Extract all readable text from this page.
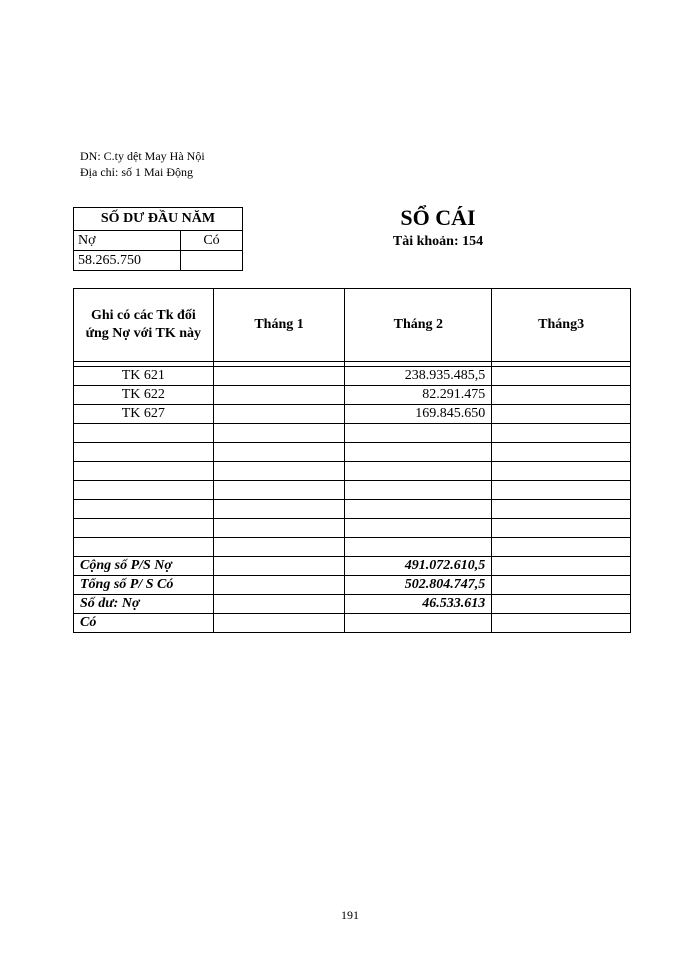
DN: C.ty dệt May Hà Nội
Địa chỉ: số 1 Mai Động
SỐ DƯ ĐẦU NĂM	
Nợ	Có
58.265.750	
SỔ CÁI
Tài khoản: 154
Ghi có các Tk đối ứng Nợ với TK này	Tháng 1	Tháng 2	Tháng3

TK 621		238.935.485,5	
TK 622		82.291.475	
TK 627		169.845.650	

Cộng số P/S Nợ		491.072.610,5	
Tổng số P/ S Có		502.804.747,5	
Số dư: Nợ		46.533.613	
Có			
191
